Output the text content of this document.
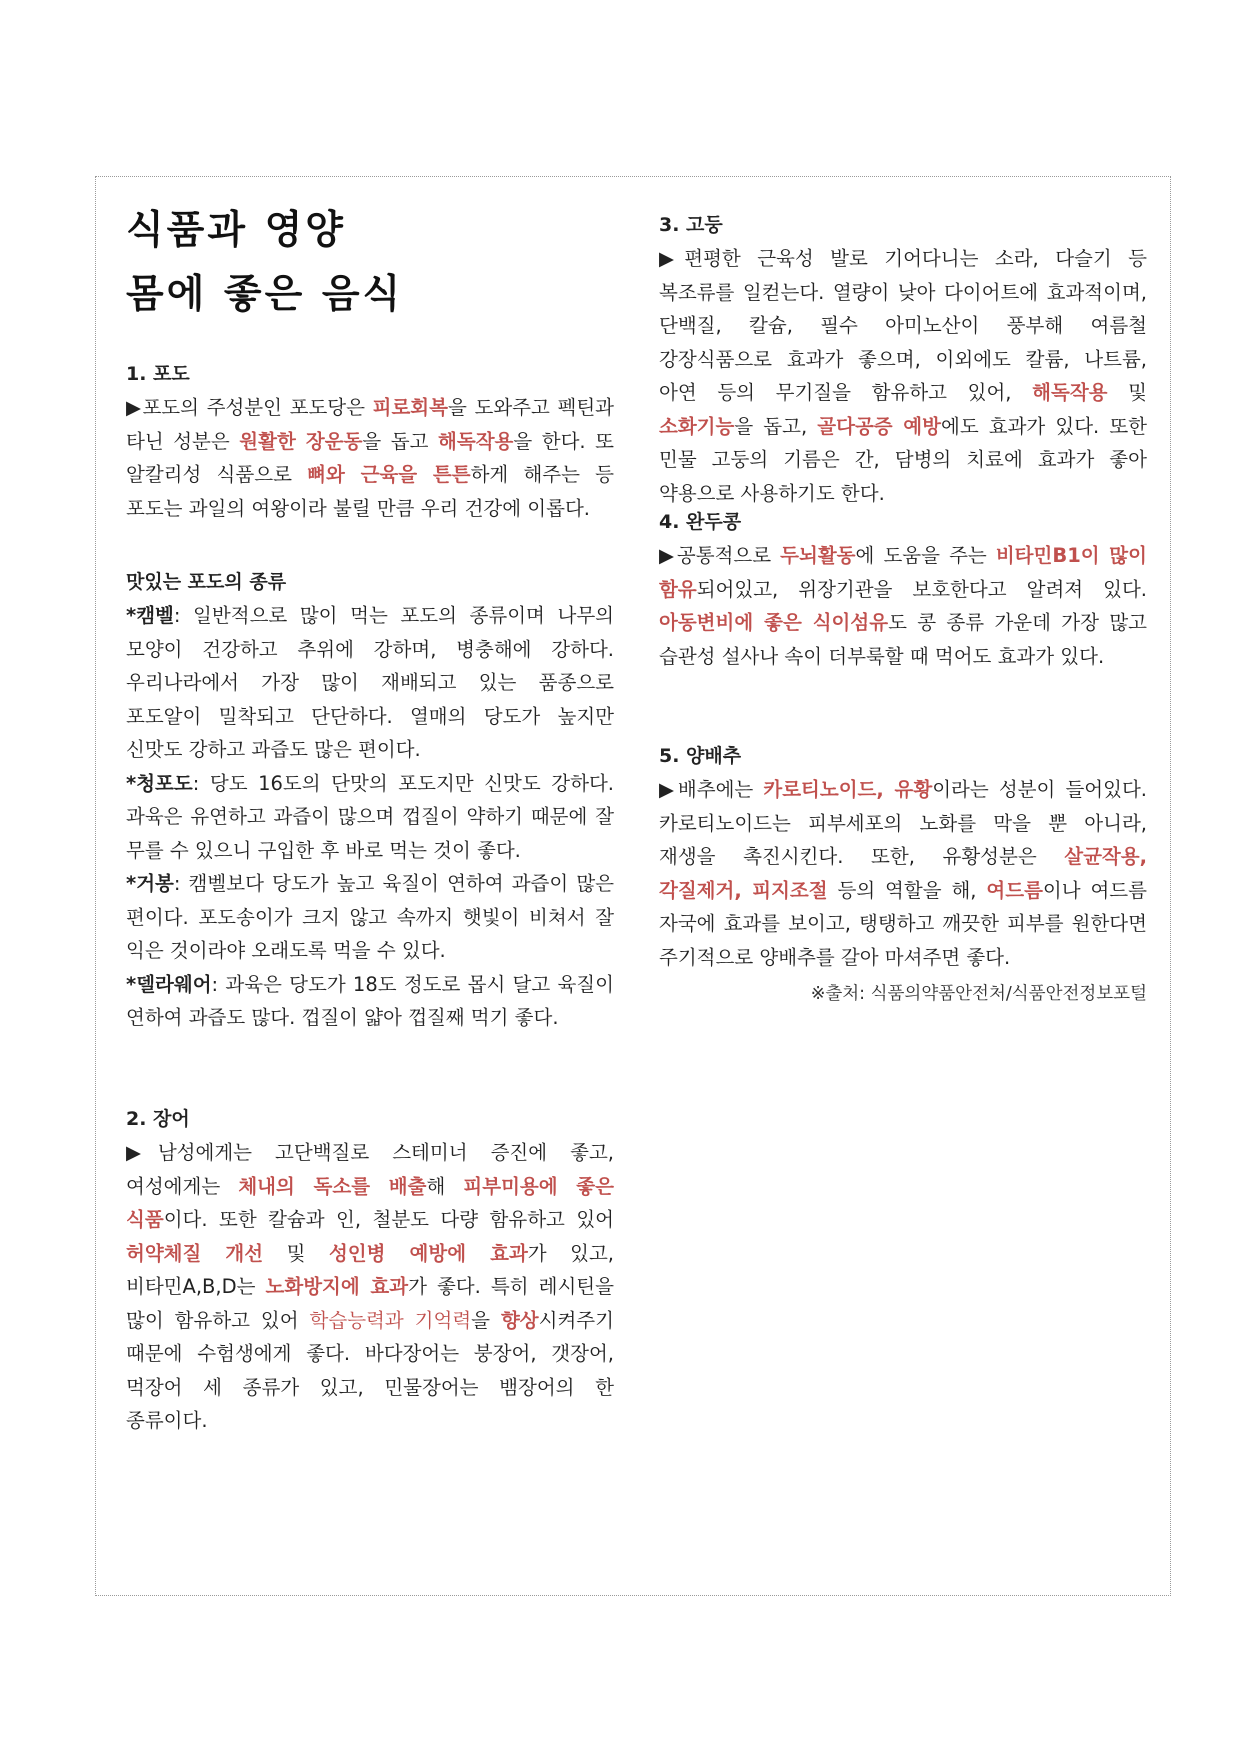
식품과 영양
몸에 좋은 음식
1. 포도

▶포도의 주성분인 포도당은 피로회복을 도와주고 펙틴과 타닌 성분은 원활한 장운동을 돕고 해독작용을 한다. 또 알칼리성 식품으로 뼈와 근육을 튼튼하게 해주는 등 포도는 과일의 여왕이라 불릴 만큼 우리 건강에 이롭다.

맛있는 포도의 종류

*캠벨: 일반적으로 많이 먹는 포도의 종류이며 나무의 모양이 건강하고 추위에 강하며, 병충해에 강하다. 우리나라에서 가장 많이 재배되고 있는 품종으로 포도알이 밀착되고 단단하다. 열매의 당도가 높지만 신맛도 강하고 과즙도 많은 편이다.

*청포도: 당도 16도의 단맛의 포도지만 신맛도 강하다. 과육은 유연하고 과즙이 많으며 껍질이 약하기 때문에 잘 무를 수 있으니 구입한 후 바로 먹는 것이 좋다.

*거봉: 캠벨보다 당도가 높고 육질이 연하여 과즙이 많은 편이다. 포도송이가 크지 않고 속까지 햇빛이 비쳐서 잘 익은 것이라야 오래도록 먹을 수 있다.

*델라웨어: 과육은 당도가 18도 정도로 몹시 달고 육질이 연하여 과즙도 많다. 껍질이 얇아 껍질째 먹기 좋다.

2. 장어

▶남성에게는 고단백질로 스테미너 증진에 좋고, 여성에게는 체내의 독소를 배출해 피부미용에 좋은 식품이다. 또한 칼슘과 인, 철분도 다량 함유하고 있어 허약체질 개선 및 성인병 예방에 효과가 있고, 비타민A,B,D는 노화방지에 효과가 좋다. 특히 레시틴을 많이 함유하고 있어 학습능력과 기억력을 향상시켜주기 때문에 수험생에게 좋다. 바다장어는 붕장어, 갯장어, 먹장어 세 종류가 있고, 민물장어는 뱀장어의 한 종류이다.

3. 고둥

▶편평한 근육성 발로 기어다니는 소라, 다슬기 등 복조류를 일컫는다. 열량이 낮아 다이어트에 효과적이며, 단백질, 칼슘, 필수 아미노산이 풍부해 여름철 강장식품으로 효과가 좋으며, 이외에도 칼륨, 나트륨, 아연 등의 무기질을 함유하고 있어, 해독작용 및 소화기능을 돕고, 골다공증 예방에도 효과가 있다. 또한 민물 고둥의 기름은 간, 담병의 치료에 효과가 좋아 약용으로 사용하기도 한다.

4. 완두콩

▶공통적으로 두뇌활동에 도움을 주는 비타민B1이 많이 함유되어있고, 위장기관을 보호한다고 알려져 있다. 아동변비에 좋은 식이섬유도 콩 종류 가운데 가장 많고 습관성 설사나 속이 더부룩할 때 먹어도 효과가 있다.

5. 양배추

▶배추에는 카로티노이드, 유황이라는 성분이 들어있다. 카로티노이드는 피부세포의 노화를 막을 뿐 아니라, 재생을 촉진시킨다. 또한, 유황성분은 살균작용, 각질제거, 피지조절 등의 역할을 해, 여드름이나 여드름 자국에 효과를 보이고, 탱탱하고 깨끗한 피부를 원한다면 주기적으로 양배추를 갈아 마셔주면 좋다.

※출처: 식품의약품안전처/식품안전정보포털
